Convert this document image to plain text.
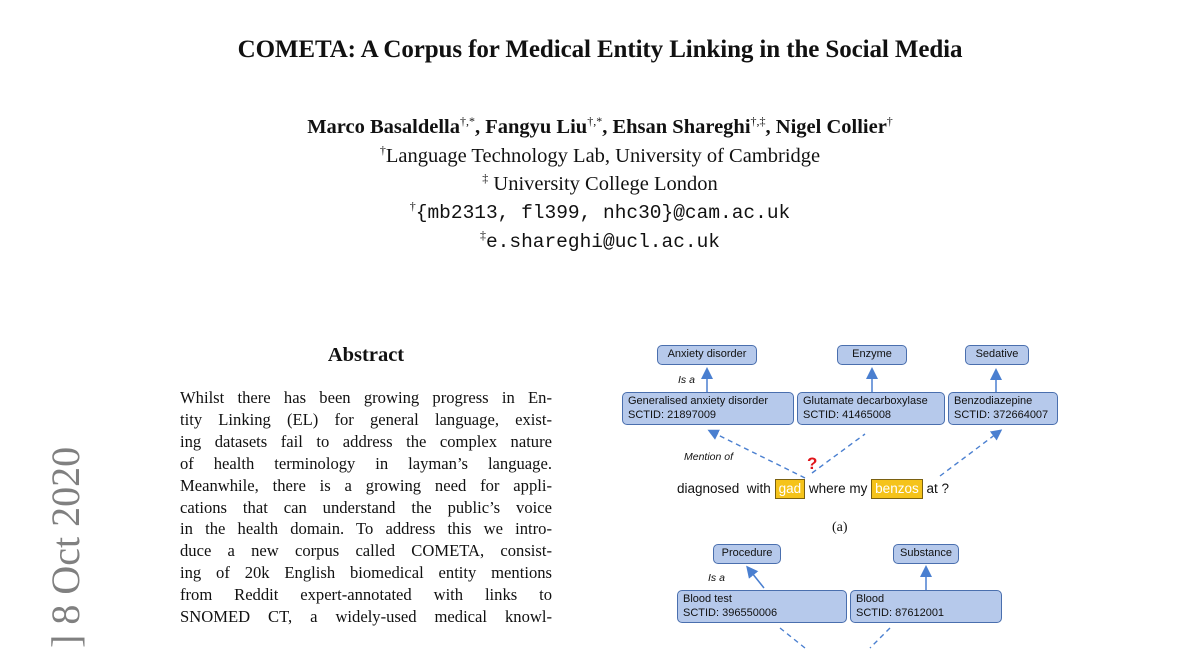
COMETA: A Corpus for Medical Entity Linking in the Social Media
Marco Basaldella†,*, Fangyu Liu†,*, Ehsan Shareghi†,‡, Nigel Collier†
†Language Technology Lab, University of Cambridge
‡ University College London
†{mb2313, fl399, nhc30}@cam.ac.uk
‡e.shareghi@ucl.ac.uk
] 8 Oct 2020
Abstract
Whilst there has been growing progress in En-
tity Linking (EL) for general language, exist-
ing datasets fail to address the complex nature
of health terminology in layman’s language.
Meanwhile, there is a growing need for appli-
cations that can understand the public’s voice
in the health domain. To address this we intro-
duce a new corpus called COMETA, consist-
ing of 20k English biomedical entity mentions
from Reddit expert-annotated with links to
SNOMED CT, a widely-used medical knowl-
Anxiety disorder	Enzyme	Sedative
Is a
Generalised anxiety disorder
SCTID: 21897009
Glutamate decarboxylase
SCTID: 41465008
Benzodiazepine
SCTID: 372664007
Mention of	?
diagnosed  with gad where my benzos at ?
(a)
Procedure	Substance
Is a
Blood test
SCTID: 396550006
Blood
SCTID: 87612001
